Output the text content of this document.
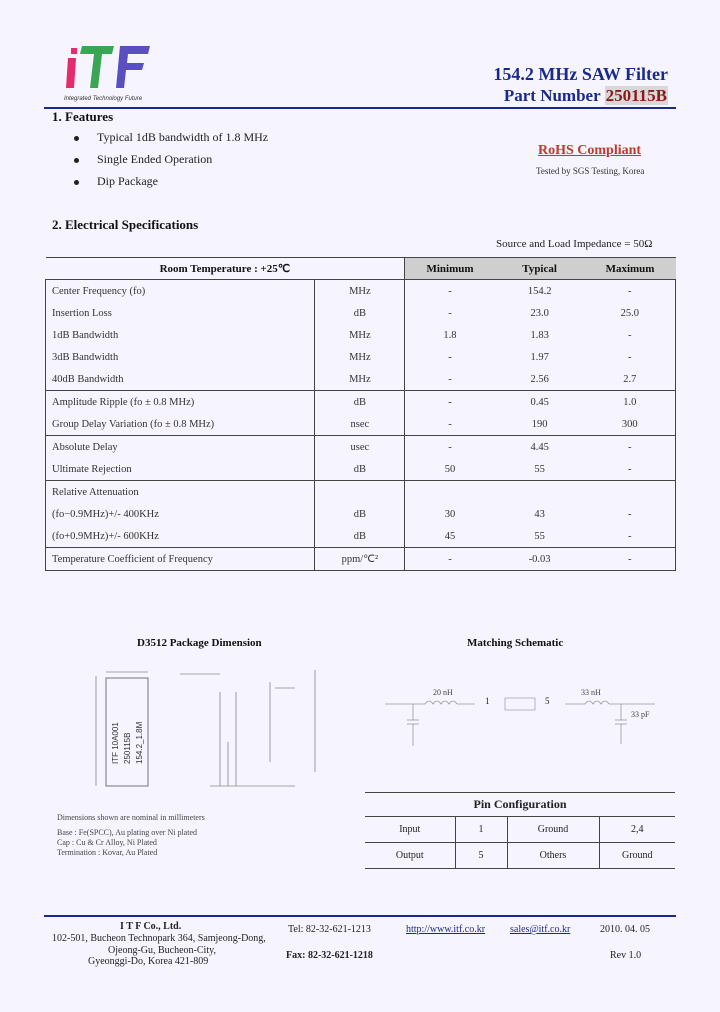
Integrated Technology Future
154.2 MHz SAW Filter
Part Number 250115B
1. Features
Typical 1dB bandwidth of 1.8 MHz
Single Ended Operation
Dip Package
RoHS Compliant
Tested by SGS Testing, Korea
2. Electrical Specifications
Source and Load Impedance = 50Ω
Room Temperature : +25℃		Minimum	Typical	Maximum
Center Frequency (fo)	MHz	-	154.2	-
Insertion Loss	dB	-	23.0	25.0
1dB Bandwidth	MHz	1.8	1.83	-
3dB Bandwidth	MHz	-	1.97	-
40dB Bandwidth	MHz	-	2.56	2.7
Amplitude Ripple (fo ± 0.8 MHz)	dB	-	0.45	1.0
Group Delay Variation (fo ± 0.8 MHz)	nsec	-	190	300
Absolute Delay	usec	-	4.45	-
Ultimate Rejection	dB	50	55	-
Relative Attenuation				
(fo−0.9MHz)+/- 400KHz	dB	30	43	-
(fo+0.9MHz)+/- 600KHz	dB	45	55	-
Temperature Coefficient of Frequency	ppm/℃²	-	-0.03	-
D3512 Package Dimension
ITF 10A001 250115B 154.2_1.8M
Dimensions shown are nominal in millimeters
Base : Fe(SPCC), Au plating over Ni plated
Cap : Cu & Cr Alloy, Ni Plated
Termination : Kovar, Au Plated
Matching Schematic
20 nH
1	5
33 nH
33 pF
Pin Configuration			
Input	1	Ground	2,4
Output	5	Others	Ground
I T F Co., Ltd.
102-501, Bucheon Technopark 364, Samjeong-Dong,
Ojeong-Gu, Bucheon-City,
Gyeonggi-Do, Korea 421-809
Tel: 82-32-621-1213
Fax: 82-32-621-1218
http://www.itf.co.kr sales@itf.co.kr	2010. 04. 05
Rev 1.0
